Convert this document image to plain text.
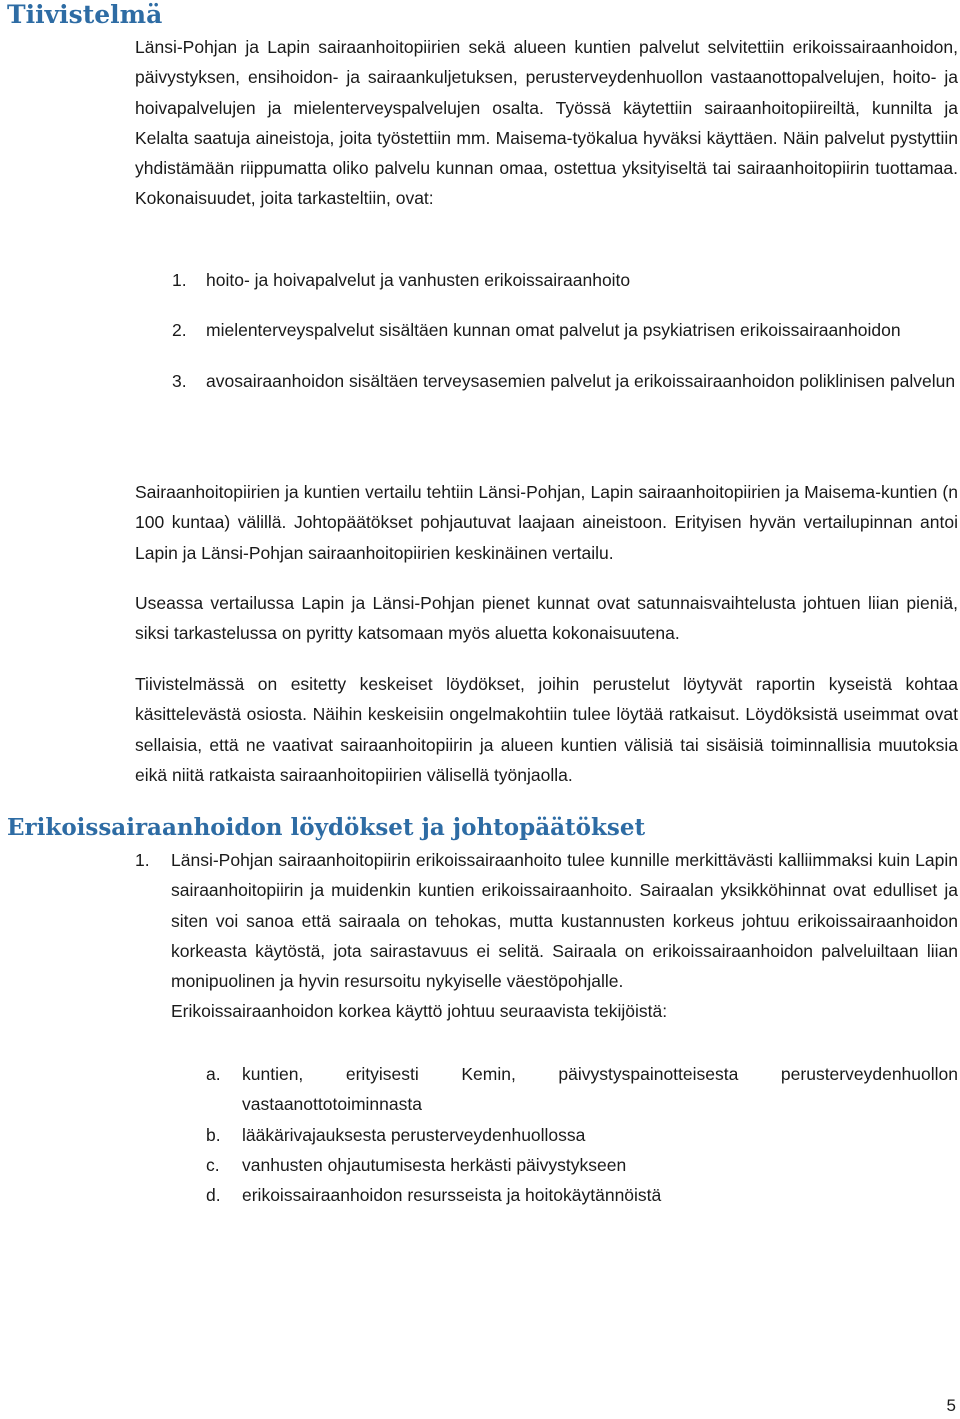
Tiivistelmä

Länsi-Pohjan ja Lapin sairaanhoitopiirien sekä alueen kuntien palvelut selvitettiin erikoissairaanhoidon, päivystyksen, ensihoidon- ja sairaankuljetuksen, perusterveydenhuollon vastaanottopalvelujen, hoito- ja hoivapalvelujen ja mielenterveyspalvelujen osalta. Työssä käytettiin sairaanhoitopiireiltä, kunnilta ja Kelalta saatuja aineistoja, joita työstettiin mm. Maisema-työkalua hyväksi käyttäen. Näin palvelut pystyttiin yhdistämään riippumatta oliko palvelu kunnan omaa, ostettua yksityiseltä tai sairaanhoitopiirin tuottamaa. Kokonaisuudet, joita tarkasteltiin, ovat:

1. hoito- ja hoivapalvelut ja vanhusten erikoissairaanhoito
2. mielenterveyspalvelut sisältäen kunnan omat palvelut ja psykiatrisen erikoissairaanhoidon
3. avosairaanhoidon sisältäen terveysasemien palvelut ja erikoissairaanhoidon poliklinisen palvelun

Sairaanhoitopiirien ja kuntien vertailu tehtiin Länsi-Pohjan, Lapin sairaanhoitopiirien ja Maisema-kuntien (n 100 kuntaa) välillä. Johtopäätökset pohjautuvat laajaan aineistoon. Erityisen hyvän vertailupinnan antoi Lapin ja Länsi-Pohjan sairaanhoitopiirien keskinäinen vertailu.

Useassa vertailussa Lapin ja Länsi-Pohjan pienet kunnat ovat satunnaisvaihtelusta johtuen liian pieniä, siksi tarkastelussa on pyritty katsomaan myös aluetta kokonaisuutena.

Tiivistelmässä on esitetty keskeiset löydökset, joihin perustelut löytyvät raportin kyseistä kohtaa käsittelevästä osiosta. Näihin keskeisiin ongelmakohtiin tulee löytää ratkaisut. Löydöksistä useimmat ovat sellaisia, että ne vaativat sairaanhoitopiirin ja alueen kuntien välisiä tai sisäisiä toiminnallisia muutoksia eikä niitä ratkaista sairaanhoitopiirien välisellä työnjaolla.

Erikoissairaanhoidon löydökset ja johtopäätökset
1. Länsi-Pohjan sairaanhoitopiirin erikoissairaanhoito tulee kunnille merkittävästi kalliimmaksi kuin Lapin sairaanhoitopiirin ja muidenkin kuntien erikoissairaanhoito. Sairaalan yksikköhinnat ovat edulliset ja siten voi sanoa että sairaala on tehokas, mutta kustannusten korkeus johtuu erikoissairaanhoidon korkeasta käytöstä, jota sairastavuus ei selitä. Sairaala on erikoissairaanhoidon palveluiltaan liian monipuolinen ja hyvin resursoitu nykyiselle väestöpohjalle.
Erikoissairaanhoidon korkea käyttö johtuu seuraavista tekijöistä:
a. kuntien, erityisesti Kemin, päivystyspainotteisesta perusterveydenhuollon vastaanottotoiminnasta
b. lääkärivajauksesta perusterveydenhuollossa
c. vanhusten ohjautumisesta herkästi päivystykseen
d. erikoissairaanhoidon resursseista ja hoitokäytännöistä
5
